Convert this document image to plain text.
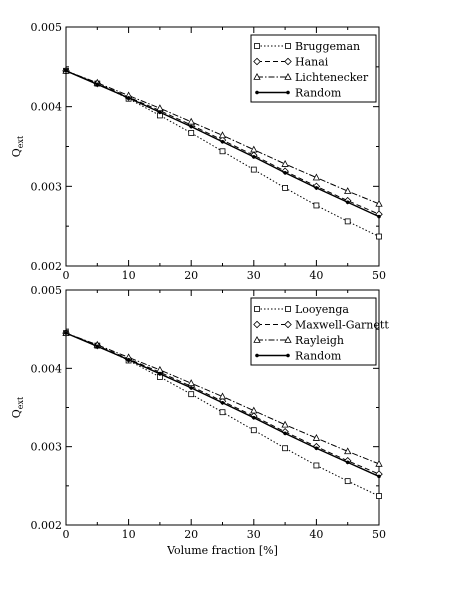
0	10	20	30	40	50
0.002
0.003
0.004
0.005
$Q_{ext}$
Bruggeman
Hanai
Lichtenecker
Random
0	10	20	30	40	50
0.002
0.003
0.004
0.005
$Q_{ext}$
Volume fraction [%]
Looyenga
Maxwell-Garnett
Rayleigh
Random
